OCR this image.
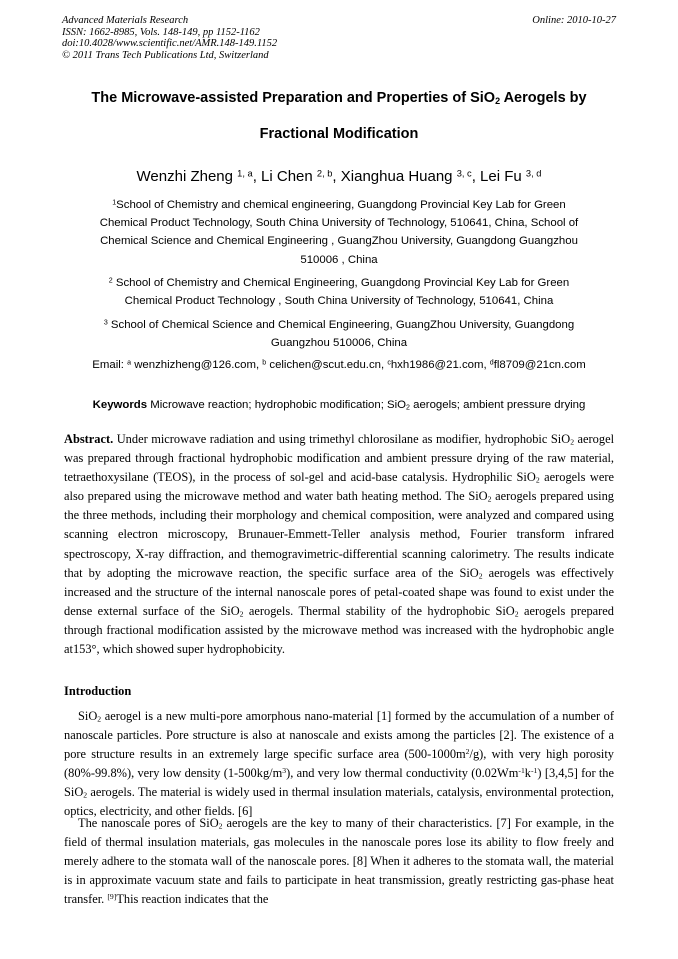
Advanced Materials Research
ISSN: 1662-8985, Vols. 148-149, pp 1152-1162
doi:10.4028/www.scientific.net/AMR.148-149.1152
© 2011 Trans Tech Publications Ltd, Switzerland
Online: 2010-10-27
The Microwave-assisted Preparation and Properties of SiO$_2$ Aerogels by
Fractional Modification
Wenzhi Zheng $^{1, a}$, Li Chen $^{2, b}$, Xianghua Huang $^{3, c}$, Lei Fu $^{3, d}$
$^1$School of Chemistry and chemical engineering, Guangdong Provincial Key Lab for Green
Chemical Product Technology, South China University of Technology, 510641, China, School of
Chemical Science and Chemical Engineering , GuangZhou University, Guangdong Guangzhou
510006 , China
$^2$ School of Chemistry and Chemical Engineering, Guangdong Provincial Key Lab for Green
Chemical Product Technology , South China University of Technology, 510641, China
$^3$ School of Chemical Science and Chemical Engineering, GuangZhou University, Guangdong
Guangzhou 510006, China
Email: $^a$ wenzhizheng@126.com, $^b$ celichen@scut.edu.cn, $^c$hxh1986@21.com, $^d$fl8709@21cn.com
Keywords Microwave reaction; hydrophobic modification; SiO$_2$ aerogels; ambient pressure drying
Abstract. Under microwave radiation and using trimethyl chlorosilane as modifier, hydrophobic SiO$_2$ aerogel was prepared through fractional hydrophobic modification and ambient pressure drying of the raw material, tetraethoxysilane (TEOS), in the process of sol-gel and acid-base catalysis. Hydrophilic SiO$_2$ aerogels were also prepared using the microwave method and water bath heating method. The SiO$_2$ aerogels prepared using the three methods, including their morphology and chemical composition, were analyzed and compared using scanning electron microscopy, Brunauer-Emmett-Teller analysis method, Fourier transform infrared spectroscopy, X-ray diffraction, and themogravimetric-differential scanning calorimetry. The results indicate that by adopting the microwave reaction, the specific surface area of the SiO$_2$ aerogels was effectively increased and the structure of the internal nanoscale pores of petal-coated shape was found to exist under the dense external surface of the SiO$_2$ aerogels. Thermal stability of the hydrophobic SiO$_2$ aerogels prepared through fractional modification assisted by the microwave method was increased with the hydrophobic angle at153°, which showed super hydrophobicity.
Introduction
SiO$_2$ aerogel is a new multi-pore amorphous nano-material [1] formed by the accumulation of a number of nanoscale particles. Pore structure is also at nanoscale and exists among the particles [2]. The existence of a pore structure results in an extremely large specific surface area $(500-1000m^2/g)$, with very high porosity (80%-99.8%), very low density $(1-500kg/m^3)$, and very low thermal conductivity $(0.02Wm^{-1}k^{-1})$ [3,4,5] for the SiO$_2$ aerogels. The material is widely used in thermal insulation materials, catalysis, environmental protection, optics, electricity, and other fields. [6]
The nanoscale pores of SiO$_2$ aerogels are the key to many of their characteristics. [7] For example, in the field of thermal insulation materials, gas molecules in the nanoscale pores lose its ability to flow freely and merely adhere to the stomata wall of the nanoscale pores. [8] When it adheres to the stomata wall, the material is in approximate vacuum state and fails to participate in heat transmission, greatly restricting gas-phase heat transfer. [9]This reaction indicates that the
